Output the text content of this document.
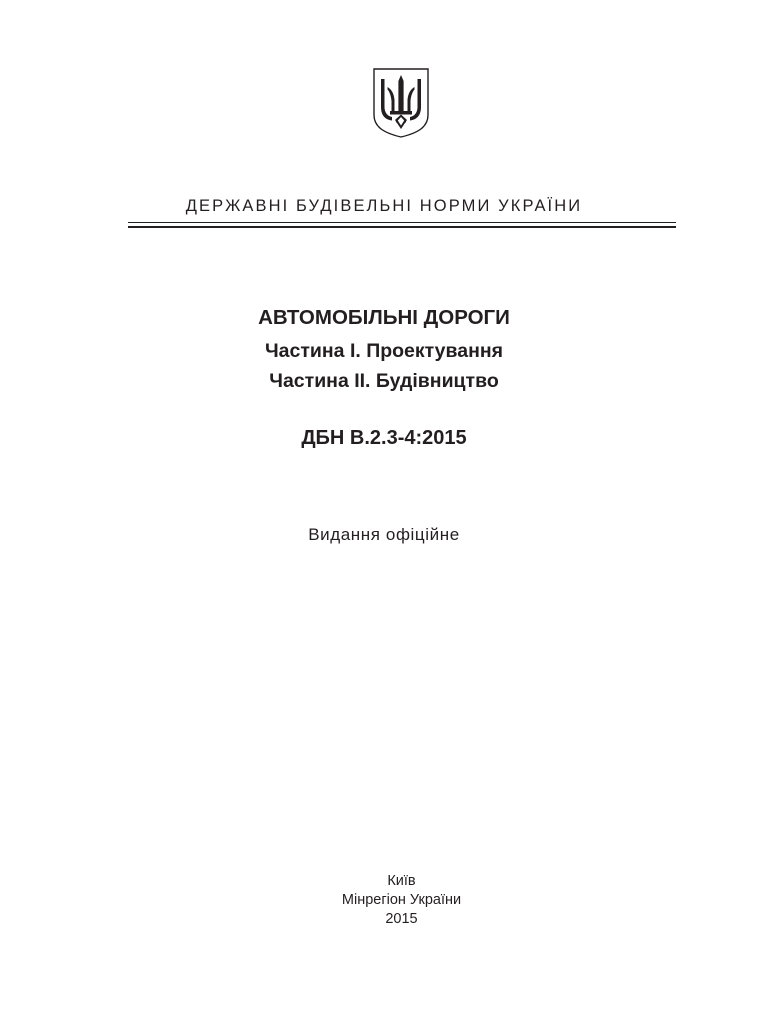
ДЕРЖАВНІ БУДІВЕЛЬНІ НОРМИ УКРАЇНИ
АВТОМОБІЛЬНІ ДОРОГИ
Частина I. Проектування
Частина II. Будівництво
ДБН В.2.3-4:2015
Видання офіційне
Київ
Мінрегіон України
2015
